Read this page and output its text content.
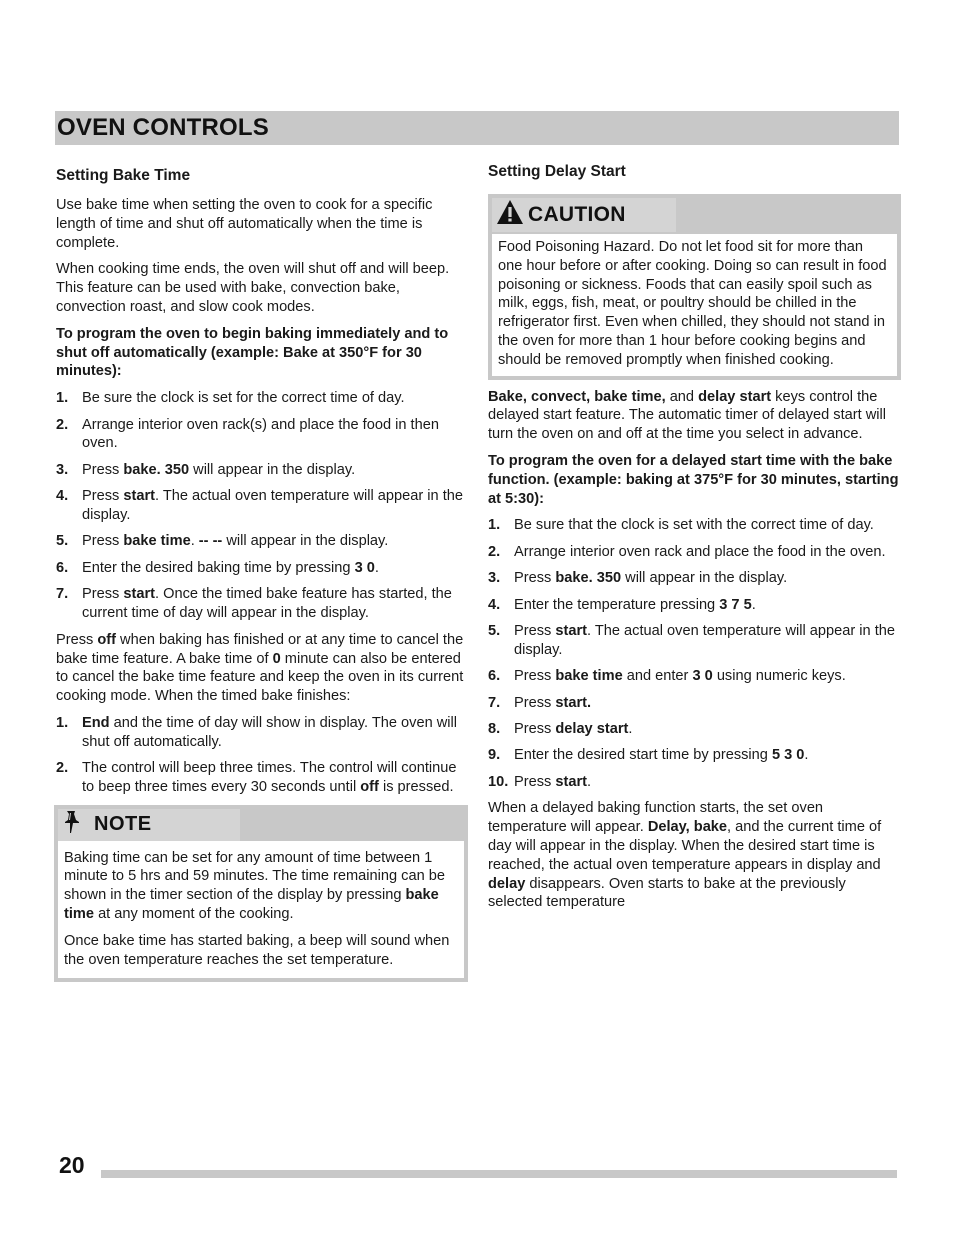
OVEN CONTROLS
Setting Bake Time

Use bake time when setting the oven to cook for a specific length of time and shut off automatically when the time is complete.

When cooking time ends, the oven will shut off and will beep. This feature can be used with bake, convection bake, convection roast, and slow cook modes.

To program the oven to begin baking immediately and to shut off automatically (example: Bake at 350°F for 30 minutes):

1. Be sure the clock is set for the correct time of day.
2. Arrange interior oven rack(s) and place the food in then oven.
3. Press bake. 350 will appear in the display.
4. Press start. The actual oven temperature will appear in the display.
5. Press bake time. -- -- will appear in the display.
6. Enter the desired baking time by pressing 3 0.
7. Press start. Once the timed bake feature has started, the current time of day will appear in the display.

Press off when baking has finished or at any time to cancel the bake time feature. A bake time of 0 minute can also be entered to cancel the bake time feature and keep the oven in its current cooking mode. When the timed bake finishes:

1. End and the time of day will show in display. The oven will shut off automatically.
2. The control will beep three times. The control will continue to beep three times every 30 seconds until off is pressed.
NOTE

Baking time can be set for any amount of time between 1 minute to 5 hrs and 59 minutes. The time remaining can be shown in the timer section of the display by pressing bake time at any moment of the cooking.

Once bake time has started baking, a beep will sound when the oven temperature reaches the set temperature.

Setting Delay Start
CAUTION

Food Poisoning Hazard. Do not let food sit for more than one hour before or after cooking. Doing so can result in food poisoning or sickness. Foods that can easily spoil such as milk, eggs, fish, meat, or poultry should be chilled in the refrigerator first. Even when chilled, they should not stand in the oven for more than 1 hour before cooking begins and should be removed promptly when finished cooking.

Bake, convect, bake time, and delay start keys control the delayed start feature. The automatic timer of delayed start will turn the oven on and off at the time you select in advance.

To program the oven for a delayed start time with the bake function. (example: baking at 375°F for 30 minutes, starting at 5:30):

1. Be sure that the clock is set with the correct time of day.
2. Arrange interior oven rack and place the food in the oven.
3. Press bake. 350 will appear in the display.
4. Enter the temperature pressing 3 7 5.
5. Press start. The actual oven temperature will appear in the display.
6. Press bake time and enter 3 0 using numeric keys.
7. Press start.
8. Press delay start.
9. Enter the desired start time by pressing 5 3 0.
10. Press start.

When a delayed baking function starts, the set oven temperature will appear. Delay, bake, and the current time of day will appear in the display. When the desired start time is reached, the actual oven temperature appears in display and delay disappears. Oven starts to bake at the previously selected temperature

20
